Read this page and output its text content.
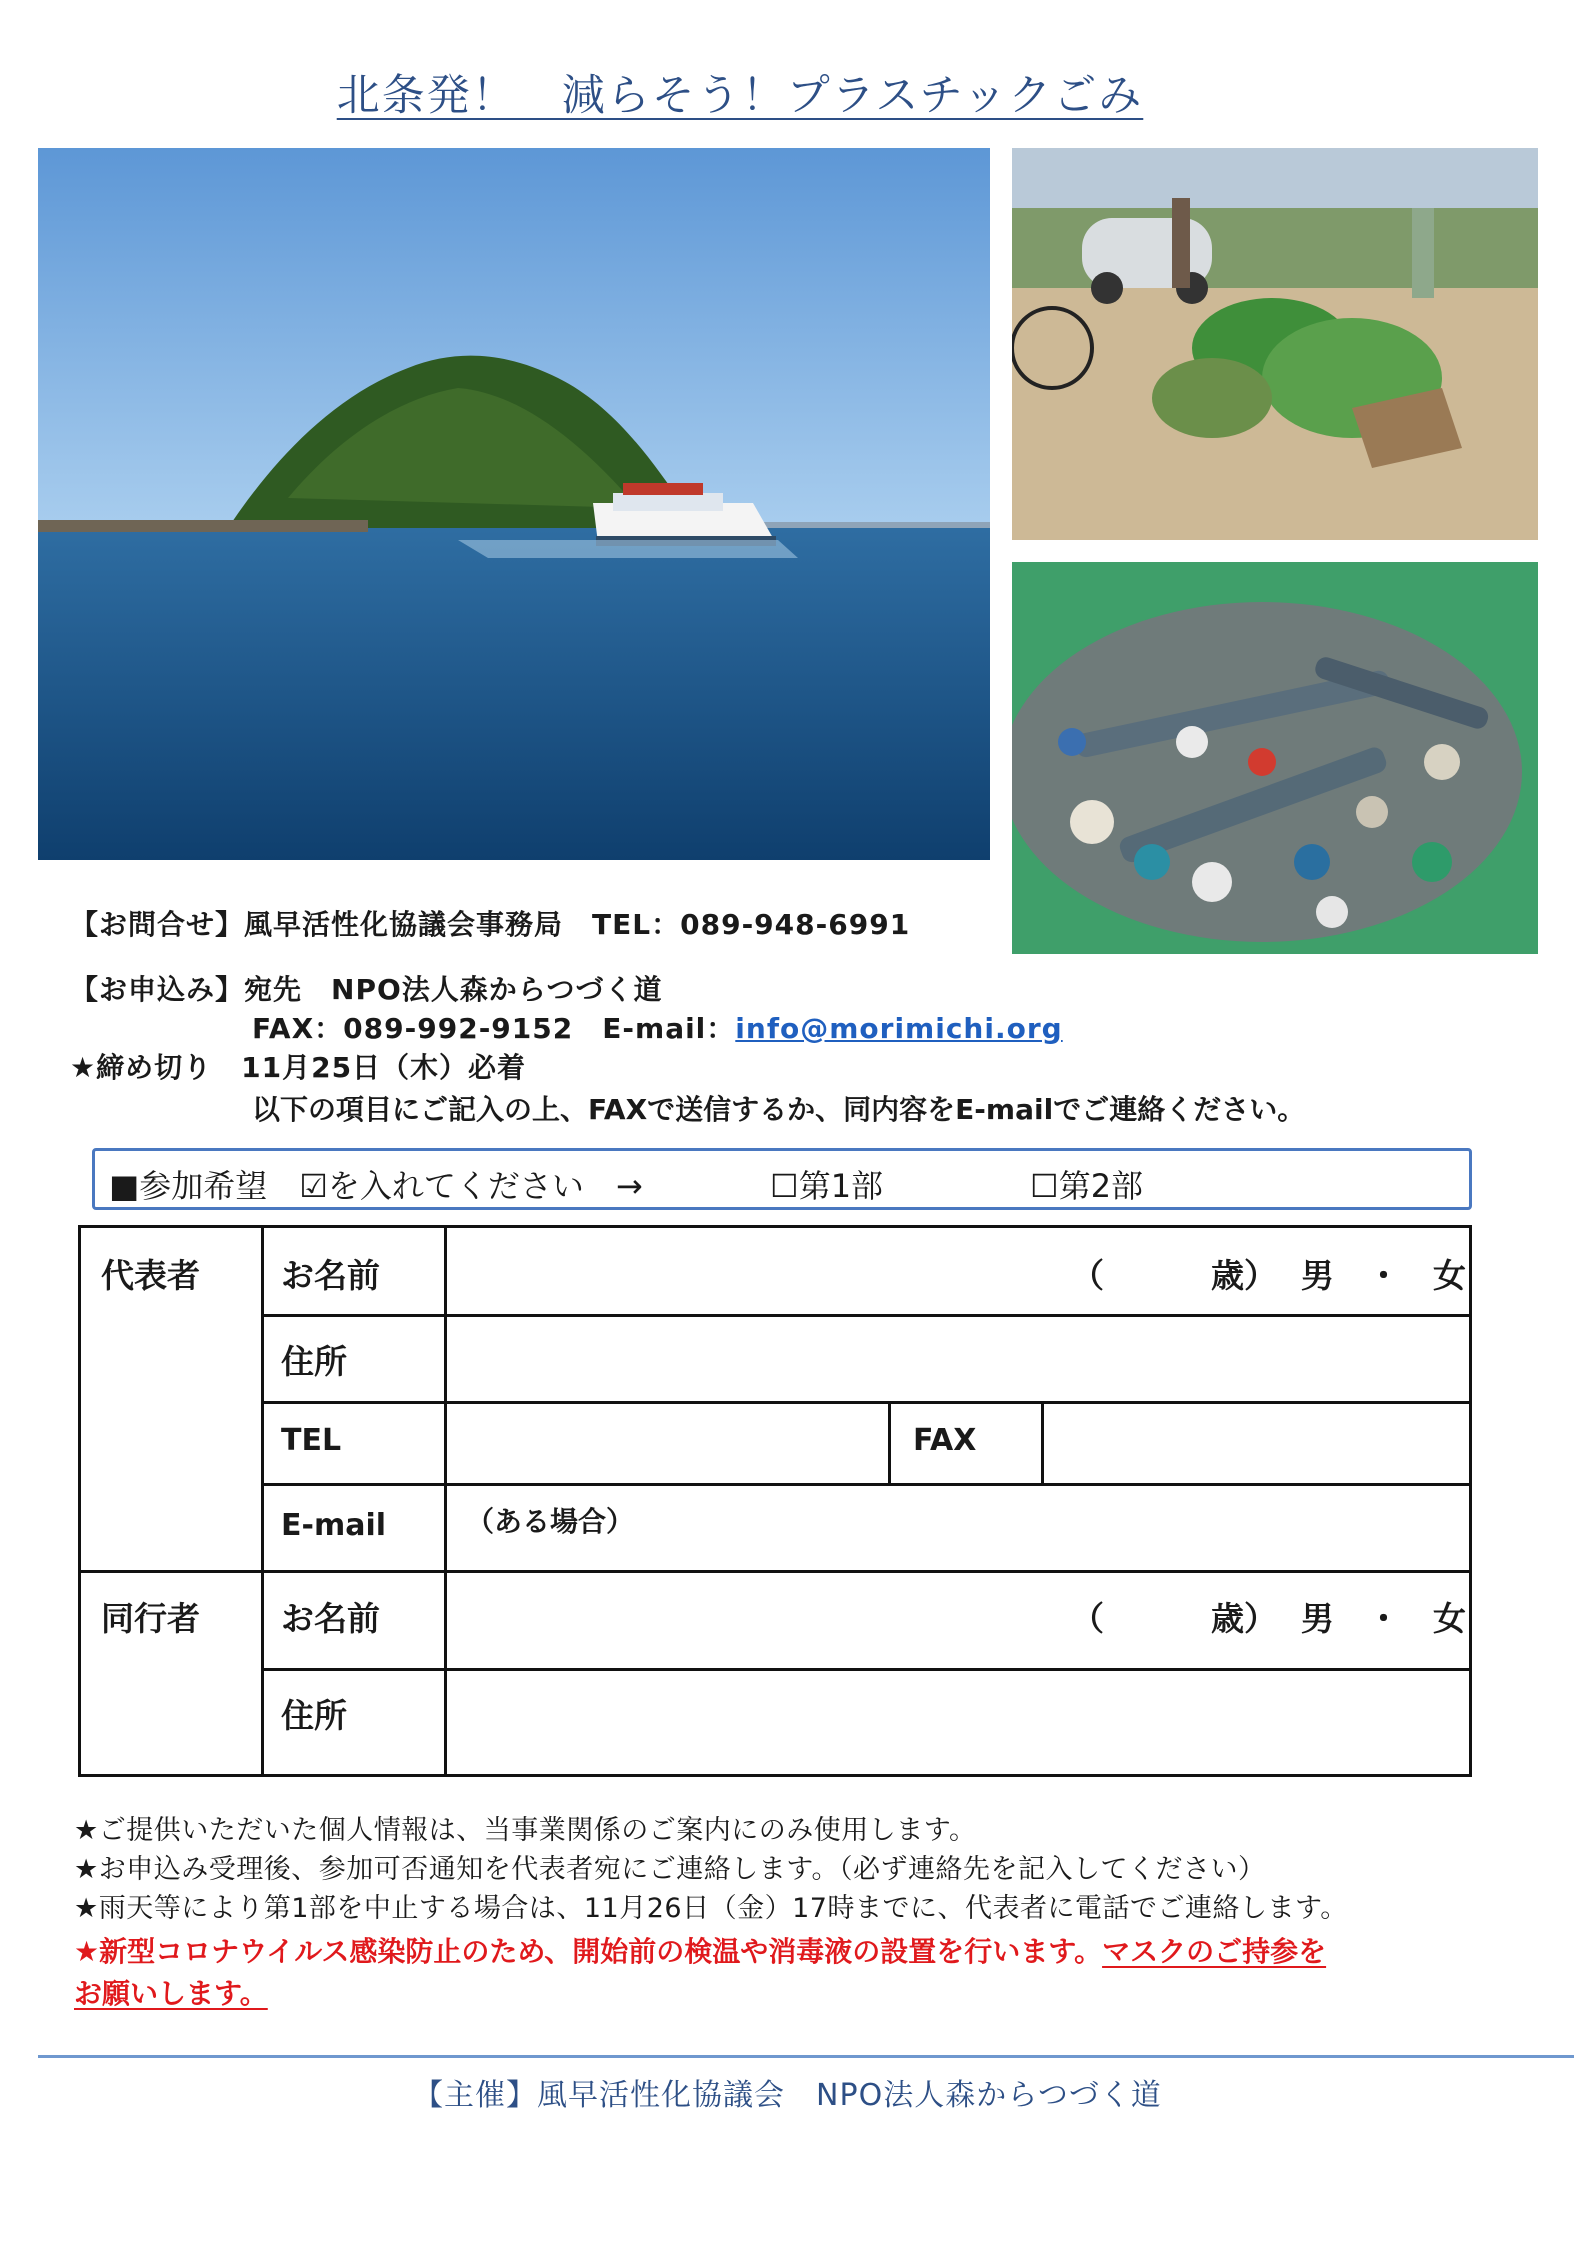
北条発！　減らそう！プラスチックごみ
【お問合せ】風早活性化協議会事務局　 TEL：089-948-6991
【お申込み】宛先　NPO法人森からつづく道
FAX：089-992-9152　 E-mail：info@morimichi.org
★締め切り　 11月25日（木）必着
以下の項目にご記入の上、FAXで送信するか、同内容をE-mailでご連絡ください。
■参加希望　☑を入れてください　→	☐第1部	☐第2部
代表者 お名前	（	歳） 男　・　女
住所
TEL	FAX
E-mail	（ある場合）
同行者 お名前	（	歳） 男　・　女
住所
★ご提供いただいた個人情報は、当事業関係のご案内にのみ使用します。
★お申込み受理後、参加可否通知を代表者宛にご連絡します。（必ず連絡先を記入してください）
★雨天等により第1部を中止する場合は、11月26日（金）17時までに、代表者に電話でご連絡します。
★新型コロナウイルス感染防止のため、開始前の検温や消毒液の設置を行います。マスクのご持参を
お願いします。
【主催】風早活性化協議会　NPO法人森からつづく道
